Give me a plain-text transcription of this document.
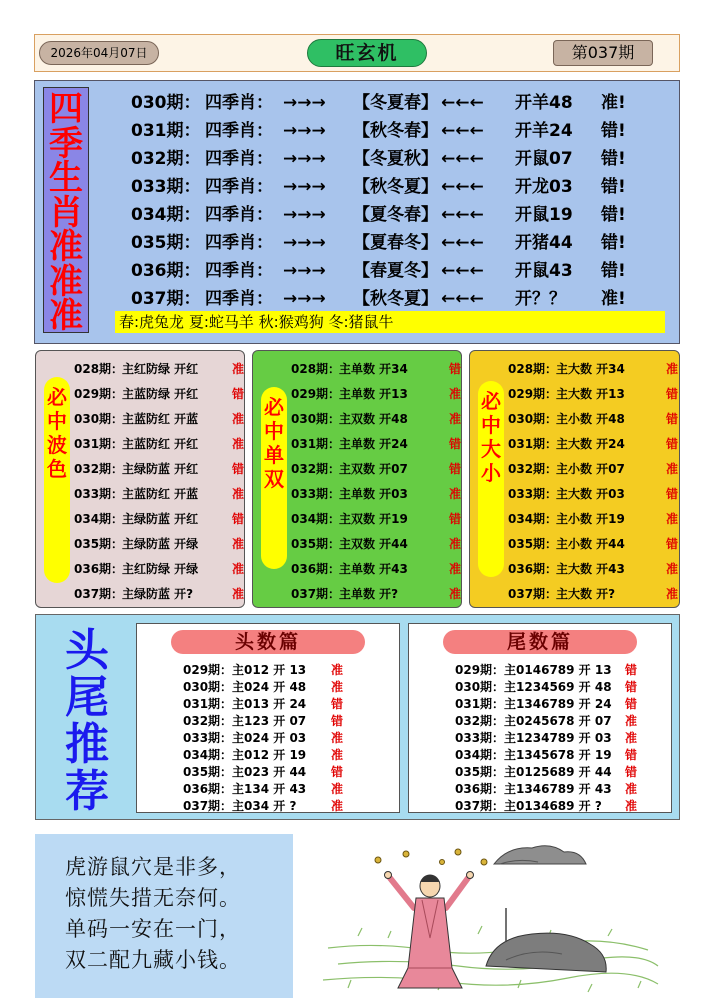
2026年04月07日	旺玄机	第037期
四
季
生
肖
准
准
准
030期： 四季肖： →→→ 【冬夏春】 ←←← 开羊48 准!
031期： 四季肖： →→→ 【秋冬春】 ←←← 开羊24 错!
032期： 四季肖： →→→ 【冬夏秋】 ←←← 开鼠07 错!
033期： 四季肖： →→→ 【秋冬夏】 ←←← 开龙03 错!
034期： 四季肖： →→→ 【夏冬春】 ←←← 开鼠19 错!
035期： 四季肖： →→→ 【夏春冬】 ←←← 开猪44 错!
036期： 四季肖： →→→ 【春夏冬】 ←←← 开鼠43 错!
037期： 四季肖： →→→ 【秋冬夏】 ←←← 开？？ 准!
春:虎兔龙 夏:蛇马羊 秋:猴鸡狗 冬:猪鼠牛
必
中
波
色
028期：主红防绿 开红	准
029期：主蓝防绿 开红	错
030期：主蓝防红 开蓝	准
031期：主蓝防红 开红	准
032期：主绿防蓝 开红	错
033期：主蓝防红 开蓝	准
034期：主绿防蓝 开红	错
035期：主绿防蓝 开绿	准
036期：主红防绿 开绿	准
037期：主绿防蓝 开?	准
必
中
单
双
028期：主单数 开34	错
029期：主单数 开13	准
030期：主双数 开48	准
031期：主单数 开24	错
032期：主双数 开07	错
033期：主单数 开03	准
034期：主双数 开19	错
035期：主双数 开44	准
036期：主单数 开43	准
037期：主单数 开?	准
必
中
大
小
028期：主大数 开34	准
029期：主大数 开13	错
030期：主小数 开48	错
031期：主大数 开24	错
032期：主小数 开07	准
033期：主大数 开03	错
034期：主小数 开19	准
035期：主小数 开44	错
036期：主大数 开43	准
037期：主大数 开?	准
头
尾
推
荐
头数篇
029期：主012 开 13 准
030期：主024 开 48 准
031期：主013 开 24 错
032期：主123 开 07 错
033期：主024 开 03 准
034期：主012 开 19 准
035期：主023 开 44 错
036期：主134 开 43 准
037期：主034 开 ?	准
尾数篇
029期：主0146789 开 13 错
030期：主1234569 开 48 错
031期：主1346789 开 24 错
032期：主0245678 开 07 准
033期：主1234789 开 03 准
034期：主1345678 开 19 错
035期：主0125689 开 44 错
036期：主1346789 开 43 准
037期：主0134689 开 ? 准
虎游鼠穴是非多，
惊慌失措无奈何。
单码一安在一门，
双二配九藏小钱。
